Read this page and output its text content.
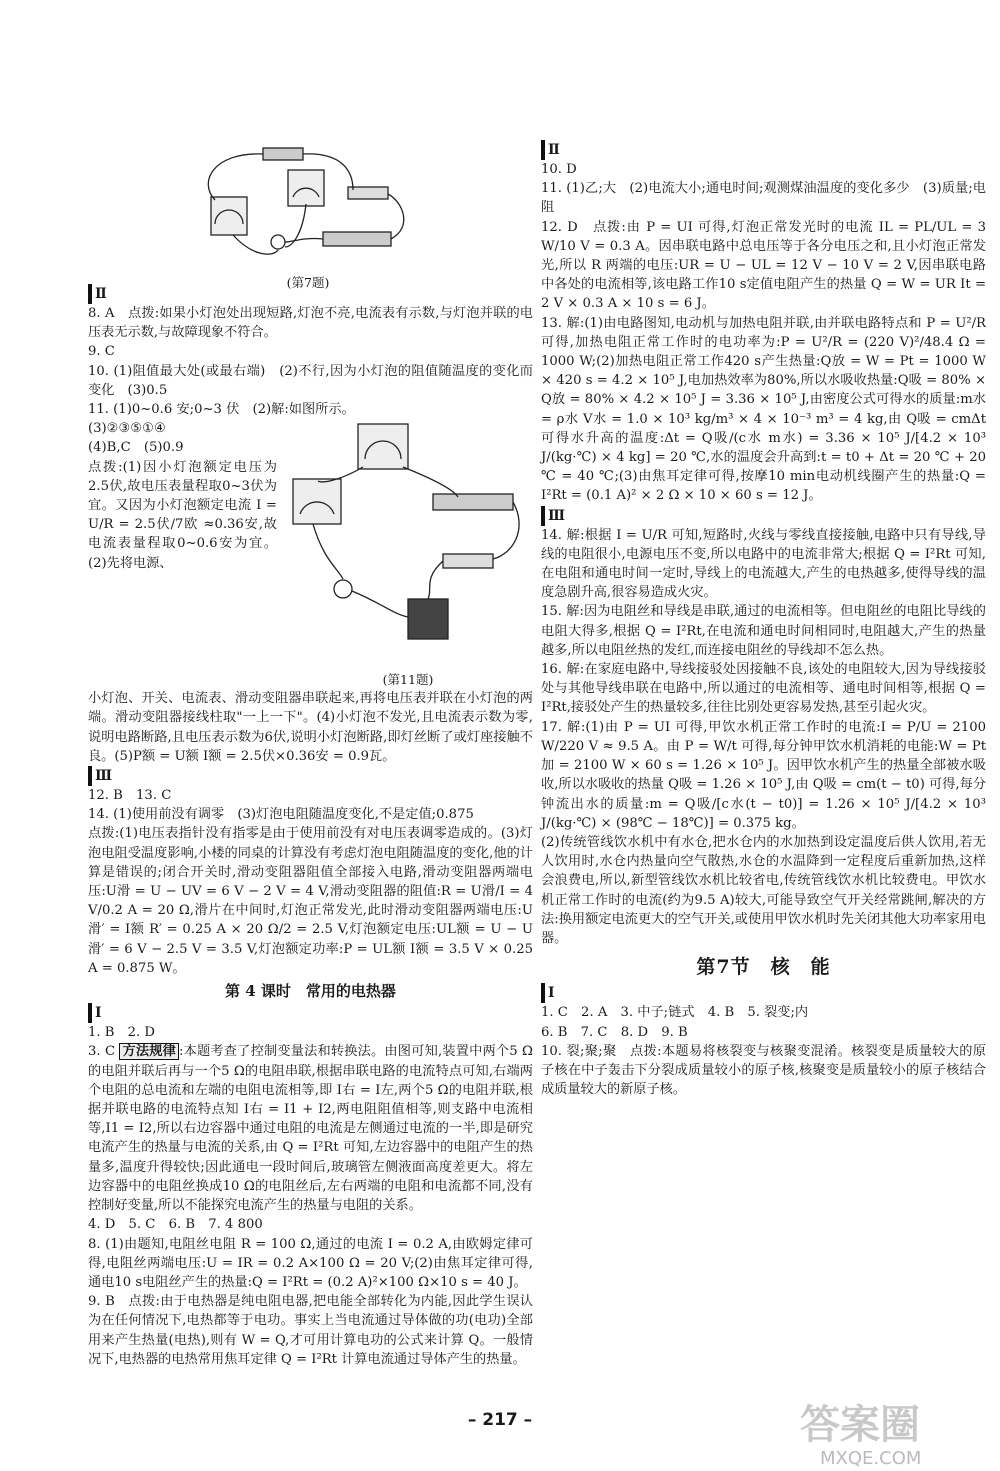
(第7题)
Ⅱ

8. A　点拨:如果小灯泡处出现短路,灯泡不亮,电流表有示数,与灯泡并联的电压表无示数,与故障现象不符合。

9. C

10. (1)阻值最大处(或最右端)　(2)不行,因为小灯泡的阻值随温度的变化而变化　(3)0.5

11. (1)0~0.6 安;0~3 伏　(2)解:如图所示。

(第11题)

(3)②③⑤①④

(4)B,C　(5)0.9

点拨:(1)因小灯泡额定电压为2.5伏,故电压表量程取0~3伏为宜。又因为小灯泡额定电流 I = U/R = 2.5伏/7欧 ≈0.36安,故电流表量程取0~0.6安为宜。(2)先将电源、

小灯泡、开关、电流表、滑动变阻器串联起来,再将电压表并联在小灯泡的两端。滑动变阻器接线柱取"一上一下"。(4)小灯泡不发光,且电流表示数为零,说明电路断路,且电压表示数为6伏,说明小灯泡断路,即灯丝断了或灯座接触不良。(5)P额 = U额 I额 = 2.5伏×0.36安 = 0.9瓦。

Ⅲ

12. B　13. C

14. (1)使用前没有调零　(3)灯泡电阻随温度变化,不是定值;0.875

点拨:(1)电压表指针没有指零是由于使用前没有对电压表调零造成的。(3)灯泡电阻受温度影响,小楼的同桌的计算没有考虑灯泡电阻随温度的变化,他的计算是错误的;闭合开关时,滑动变阻器阻值全部接入电路,滑动变阻器两端电压:U滑 = U − UV = 6 V − 2 V = 4 V,滑动变阻器的阻值:R = U滑/I = 4 V/0.2 A = 20 Ω,滑片在中间时,灯泡正常发光,此时滑动变阻器两端电压:U滑′ = I额 R′ = 0.25 A × 20 Ω/2 = 2.5 V,灯泡额定电压:UL额 = U − U滑′ = 6 V − 2.5 V = 3.5 V,灯泡额定功率:P = UL额 I额 = 3.5 V × 0.25 A = 0.875 W。

第 4 课时　常用的电热器
Ⅰ

1. B　2. D

3. C 方法规律 :本题考查了控制变量法和转换法。由图可知,装置中两个5 Ω的电阻并联后再与一个5 Ω的电阻串联,根据串联电路的电流特点可知,右端两个电阻的总电流和左端的电阻电流相等,即 I右 = I左,两个5 Ω的电阻并联,根据并联电路的电流特点知 I右 = I1 + I2,两电阻阻值相等,则支路中电流相等,I1 = I2,所以右边容器中通过电阻的电流是左侧通过电流的一半,即是研究电流产生的热量与电流的关系,由 Q = I²Rt 可知,左边容器中的电阻产生的热量多,温度升得较快;因此通电一段时间后,玻璃管左侧液面高度差更大。将左边容器中的电阻丝换成10 Ω的电阻丝后,左右两端的电阻和电流都不同,没有控制好变量,所以不能探究电流产生的热量与电阻的关系。

4. D　5. C　6. B　7. 4 800

8. (1)由题知,电阻丝电阻 R = 100 Ω,通过的电流 I = 0.2 A,由欧姆定律可得,电阻丝两端电压:U = IR = 0.2 A×100 Ω = 20 V;(2)由焦耳定律可得,通电10 s电阻丝产生的热量:Q = I²Rt = (0.2 A)²×100 Ω×10 s = 40 J。

9. B　点拨:由于电热器是纯电阻电器,把电能全部转化为内能,因此学生误认为在任何情况下,电热都等于电功。事实上当电流通过导体做的功(电功)全部用来产生热量(电热),则有 W = Q,才可用计算电功的公式来计算 Q。一般情况下,电热器的电热常用焦耳定律 Q = I²Rt 计算电流通过导体产生的热量。

Ⅱ

10. D

11. (1)乙;大　(2)电流大小;通电时间;观测煤油温度的变化多少　(3)质量;电阻

12. D　点拨:由 P = UI 可得,灯泡正常发光时的电流 IL = PL/UL = 3 W/10 V = 0.3 A。因串联电路中总电压等于各分电压之和,且小灯泡正常发光,所以 R 两端的电压:UR = U − UL = 12 V − 10 V = 2 V,因串联电路中各处的电流相等,该电路工作10 s定值电阻产生的热量 Q = W = UR It = 2 V × 0.3 A × 10 s = 6 J。

13. 解:(1)由电路图知,电动机与加热电阻并联,由并联电路特点和 P = U²/R 可得,加热电阻正常工作时的电功率为:P = U²/R = (220 V)²/48.4 Ω = 1000 W;(2)加热电阻正常工作420 s产生热量:Q放 = W = Pt = 1000 W × 420 s = 4.2 × 10⁵ J,电加热效率为80%,所以水吸收热量:Q吸 = 80% × Q放 = 80% × 4.2 × 10⁵ J = 3.36 × 10⁵ J,由密度公式可得水的质量:m水 = ρ水 V水 = 1.0 × 10³ kg/m³ × 4 × 10⁻³ m³ = 4 kg,由 Q吸 = cmΔt 可得水升高的温度:Δt = Q吸/(c水 m水) = 3.36 × 10⁵ J/[4.2 × 10³ J/(kg·℃) × 4 kg] = 20 ℃,水的温度会升高到:t = t0 + Δt = 20 ℃ + 20 ℃ = 40 ℃;(3)由焦耳定律可得,按摩10 min电动机线圈产生的热量:Q = I²Rt = (0.1 A)² × 2 Ω × 10 × 60 s = 12 J。

Ⅲ

14. 解:根据 I = U/R 可知,短路时,火线与零线直接接触,电路中只有导线,导线的电阻很小,电源电压不变,所以电路中的电流非常大;根据 Q = I²Rt 可知,在电阻和通电时间一定时,导线上的电流越大,产生的电热越多,使得导线的温度急剧升高,很容易造成火灾。

15. 解:因为电阻丝和导线是串联,通过的电流相等。但电阻丝的电阻比导线的电阻大得多,根据 Q = I²Rt,在电流和通电时间相同时,电阻越大,产生的热量越多,所以电阻丝热的发红,而连接电阻丝的导线却不怎么热。

16. 解:在家庭电路中,导线接驳处因接触不良,该处的电阻较大,因为导线接驳处与其他导线串联在电路中,所以通过的电流相等、通电时间相等,根据 Q = I²Rt,接驳处产生的热量较多,往往比别处更容易发热,甚至引起火灾。

17. 解:(1)由 P = UI 可得,甲饮水机正常工作时的电流:I = P/U = 2100 W/220 V ≈ 9.5 A。由 P = W/t 可得,每分钟甲饮水机消耗的电能:W = Pt加 = 2100 W × 60 s = 1.26 × 10⁵ J。因甲饮水机产生的热量全部被水吸收,所以水吸收的热量 Q吸 = 1.26 × 10⁵ J,由 Q吸 = cm(t − t0) 可得,每分钟流出水的质量:m = Q吸/[c水(t − t0)] = 1.26 × 10⁵ J/[4.2 × 10³ J/(kg·℃) × (98℃ − 18℃)] = 0.375 kg。

(2)传统管线饮水机中有水仓,把水仓内的水加热到设定温度后供人饮用,若无人饮用时,水仓内热量向空气散热,水仓的水温降到一定程度后重新加热,这样会浪费电,所以,新型管线饮水机比较省电,传统管线饮水机比较费电。甲饮水机正常工作时的电流(约为9.5 A)较大,可能导致空气开关经常跳闸,解决的方法:换用额定电流更大的空气开关,或使用甲饮水机时先关闭其他大功率家用电器。

第7节　核　能
Ⅰ

1. C　2. A　3. 中子;链式　4. B　5. 裂变;内

6. B　7. C　8. D　9. B

10. 裂;聚;聚　点拨:本题易将核裂变与核聚变混淆。核裂变是质量较大的原子核在中子轰击下分裂成质量较小的原子核,核聚变是质量较小的原子核结合成质量较大的新原子核。

– 217 –	答案圈
MXQE.COM
